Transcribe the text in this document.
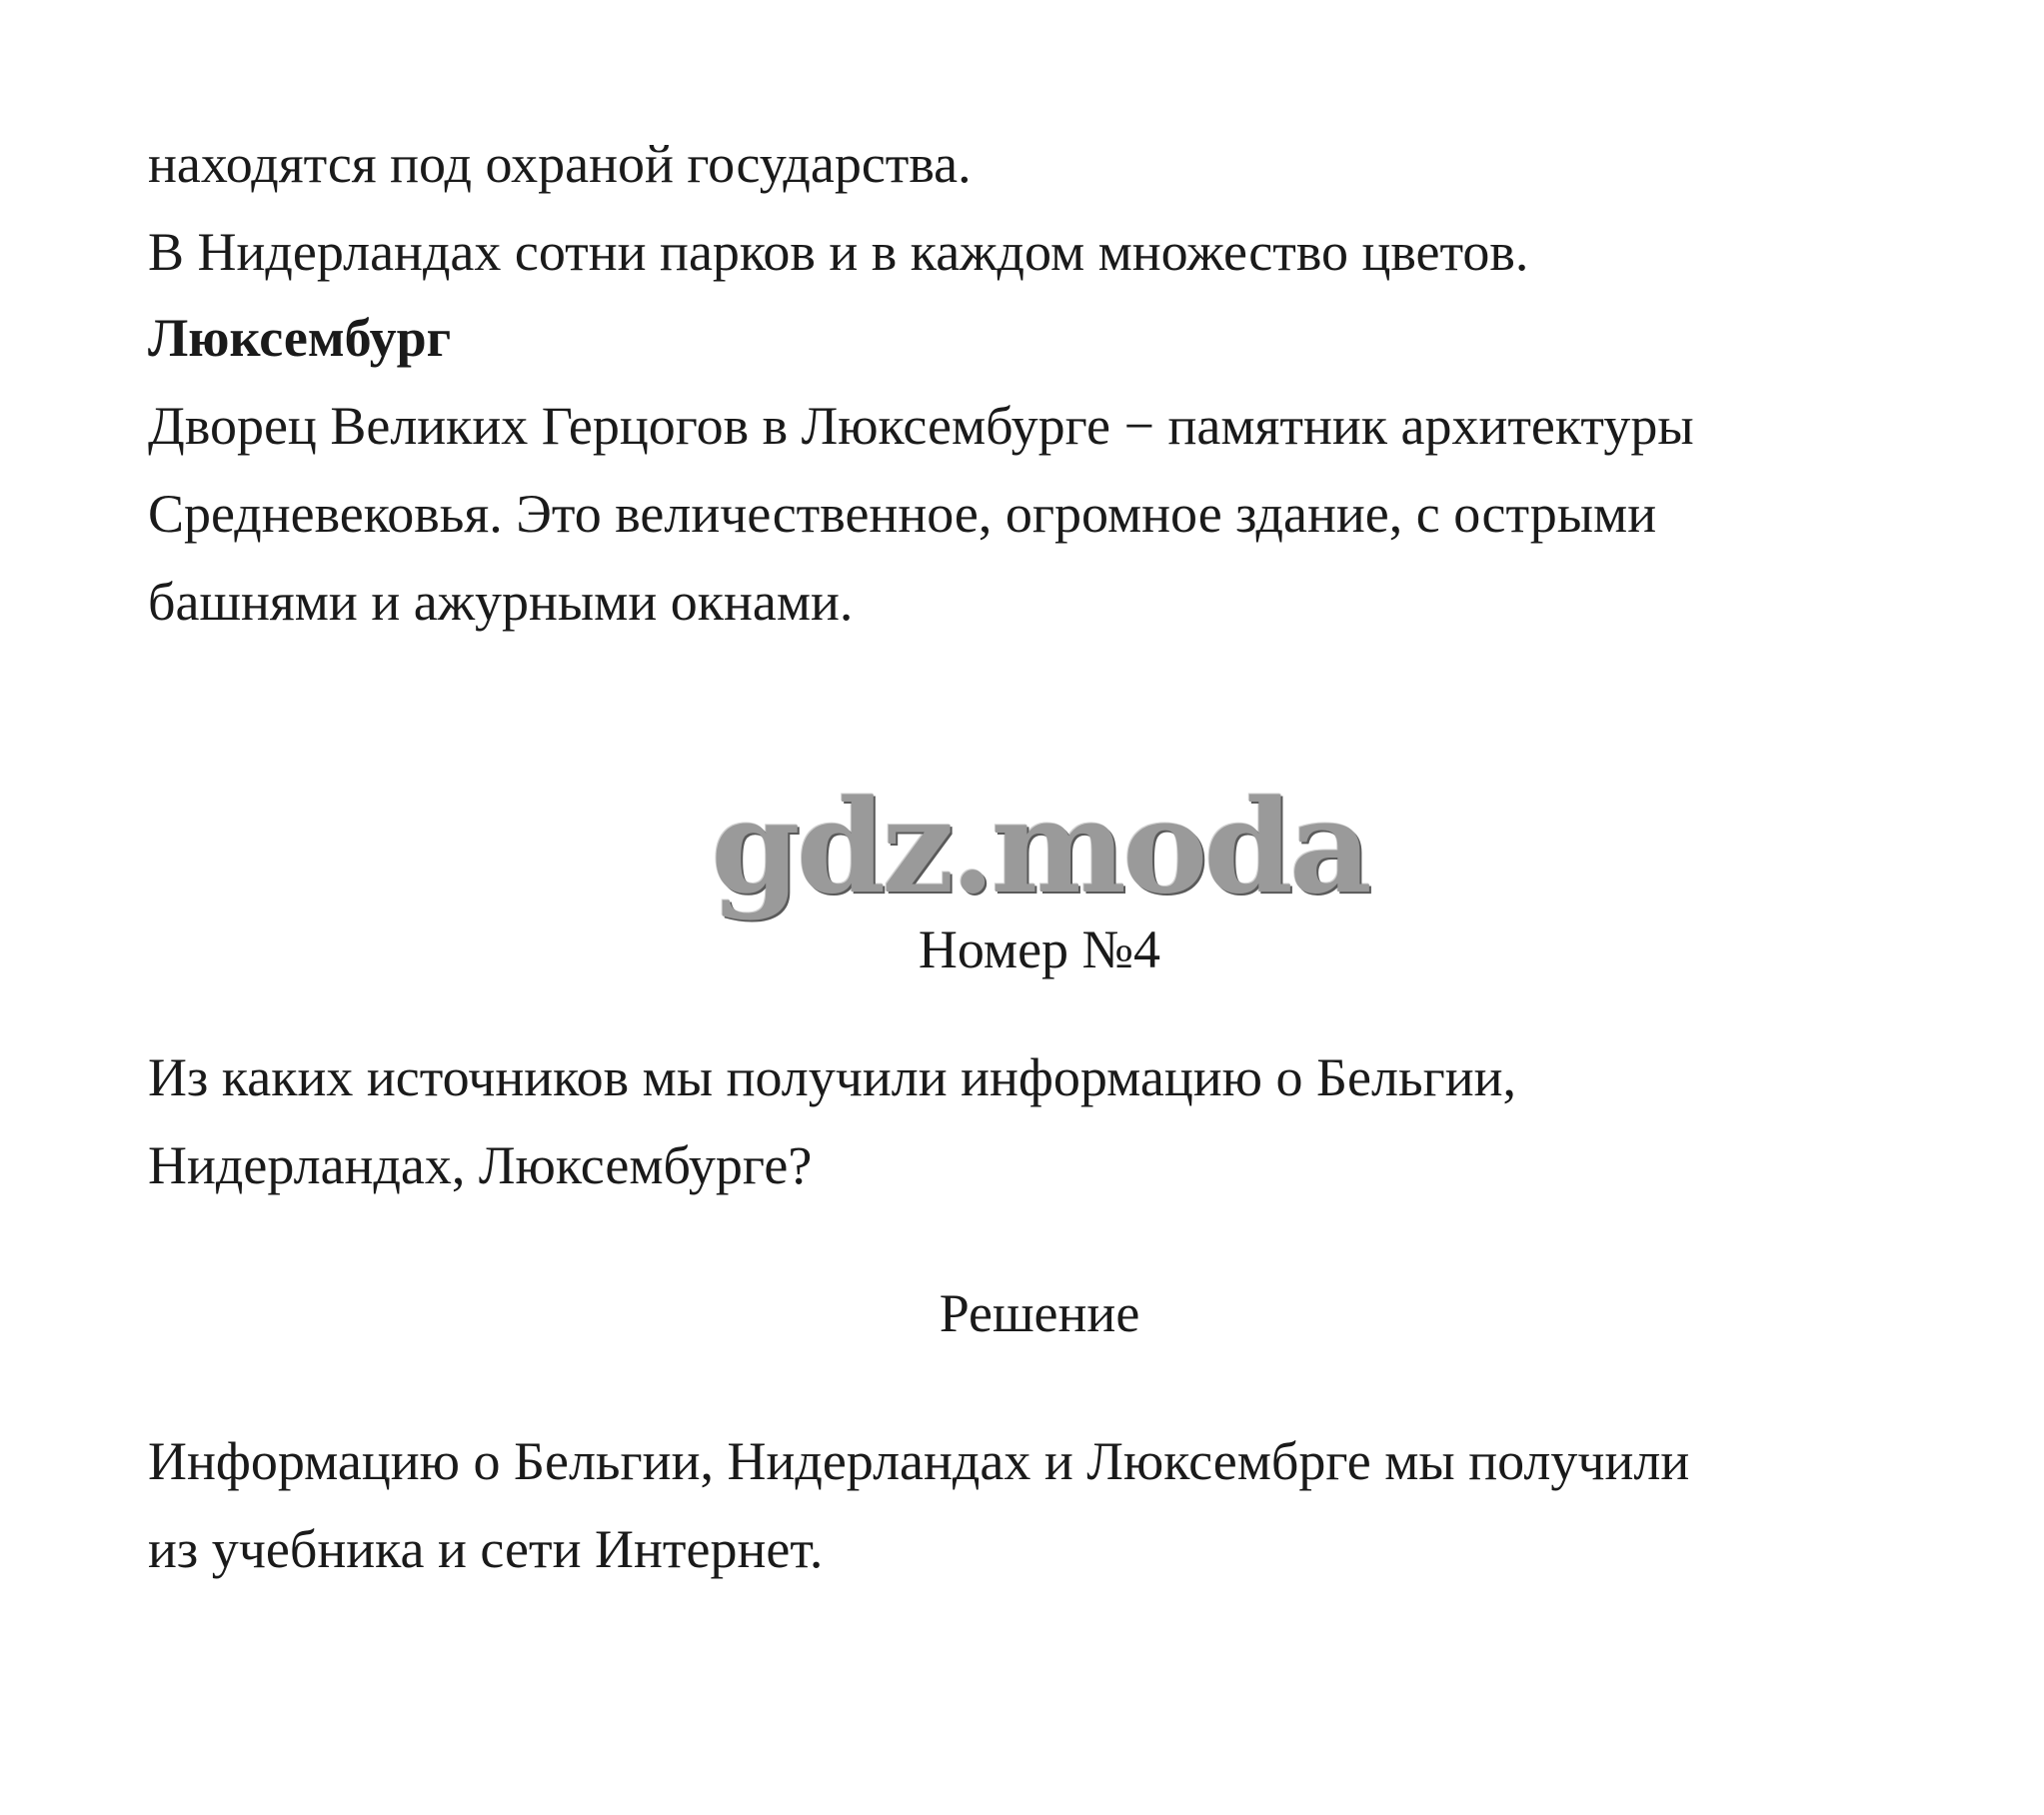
находятся под охраной государства.

В Нидерландах сотни парков и в каждом множество цветов.

Люксембург

Дворец Великих Герцогов в Люксембурге − памятник архитектуры

Средневековья. Это величественное, огромное здание, с острыми

башнями и ажурными окнами.

gdz.moda

Номер №4

Из каких источников мы получили информацию о Бельгии,

Нидерландах, Люксембурге?

Решение

Информацию о Бельгии, Нидерландах и Люксембрге мы получили

из учебника и сети Интернет.
